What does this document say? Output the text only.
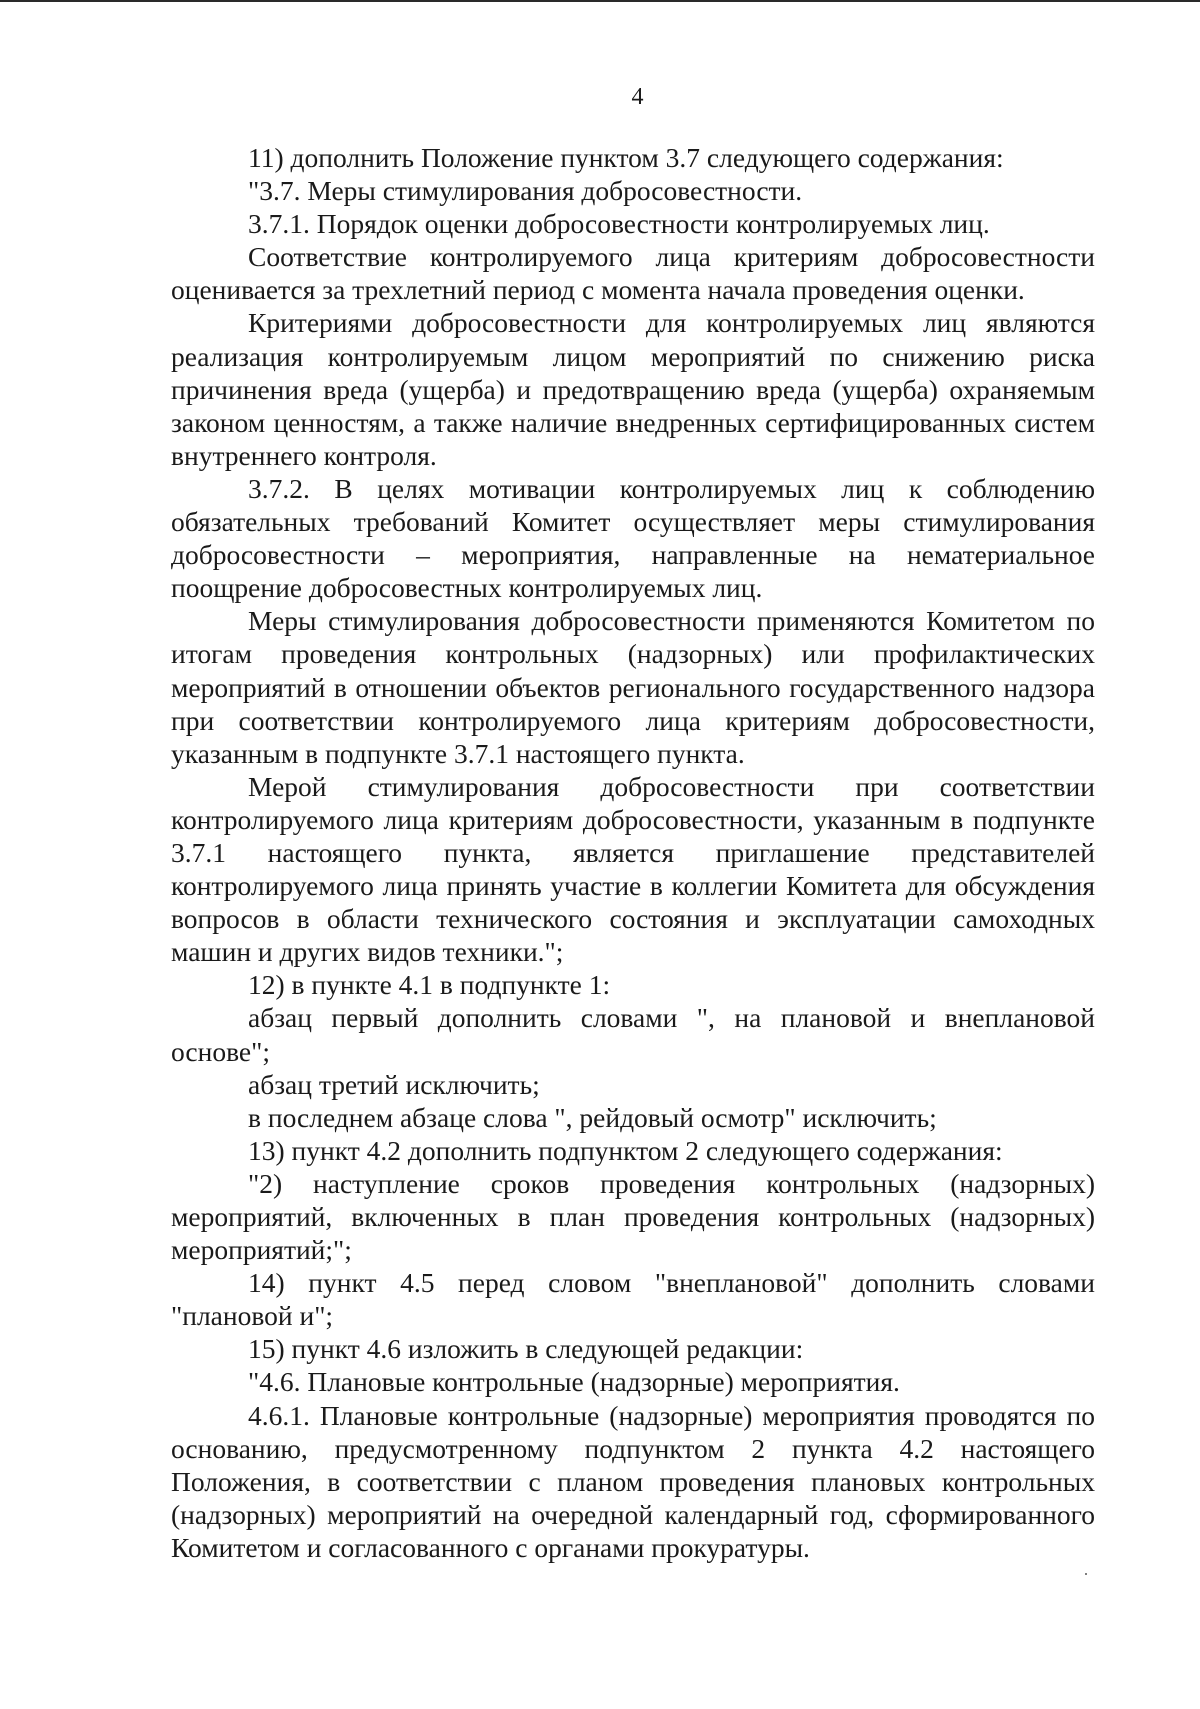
4

11) дополнить Положение пунктом 3.7 следующего содержания:

"3.7. Меры стимулирования добросовестности.

3.7.1. Порядок оценки добросовестности контролируемых лиц.

Соответствие контролируемого лица критериям добросовестности оценивается за трехлетний период с момента начала проведения оценки.

Критериями добросовестности для контролируемых лиц являются реализация контролируемым лицом мероприятий по снижению риска причинения вреда (ущерба) и предотвращению вреда (ущерба) охраняемым законом ценностям, а также наличие внедренных сертифицированных систем внутреннего контроля.

3.7.2. В целях мотивации контролируемых лиц к соблюдению обязательных требований Комитет осуществляет меры стимулирования добросовестности – мероприятия, направленные на нематериальное поощрение добросовестных контролируемых лиц.

Меры стимулирования добросовестности применяются Комитетом по итогам проведения контрольных (надзорных) или профилактических мероприятий в отношении объектов регионального государственного надзора при соответствии контролируемого лица критериям добросовестности, указанным в подпункте 3.7.1 настоящего пункта.

Мерой стимулирования добросовестности при соответствии контролируемого лица критериям добросовестности, указанным в подпункте 3.7.1 настоящего пункта, является приглашение представителей контролируемого лица принять участие в коллегии Комитета для обсуждения вопросов в области технического состояния и эксплуатации самоходных машин и других видов техники.";

12) в пункте 4.1 в подпункте 1:

абзац первый дополнить словами ", на плановой и внеплановой основе";

абзац третий исключить;

в последнем абзаце слова ", рейдовый осмотр" исключить;

13) пункт 4.2 дополнить подпунктом 2 следующего содержания:

"2) наступление сроков проведения контрольных (надзорных) мероприятий, включенных в план проведения контрольных (надзорных) мероприятий;";

14) пункт 4.5 перед словом "внеплановой" дополнить словами "плановой и";

15) пункт 4.6 изложить в следующей редакции:

"4.6. Плановые контрольные (надзорные) мероприятия.

4.6.1. Плановые контрольные (надзорные) мероприятия проводятся по основанию, предусмотренному подпунктом 2 пункта 4.2 настоящего Положения, в соответствии с планом проведения плановых контрольных (надзорных) мероприятий на очередной календарный год, сформированного Комитетом и согласованного с органами прокуратуры.
